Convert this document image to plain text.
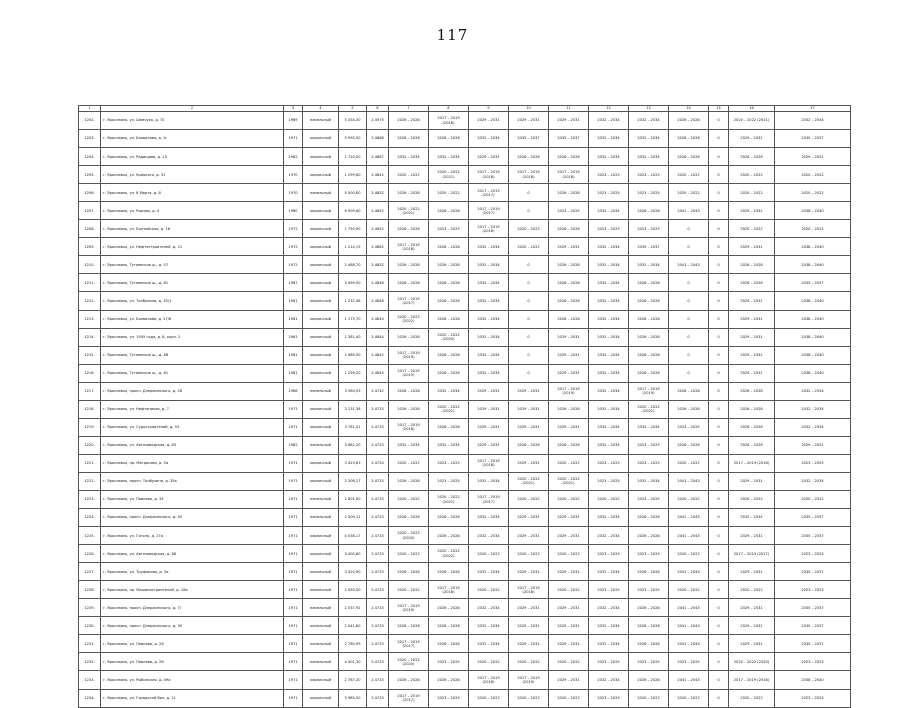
117
1	2	3	4	5	6	7	8	9	10	11	12	13	14	15	16	17

1202.	г. Ярославль, ул. Шевчука, д. 70	1969	панельный	5 334,30	2.4975	2026 – 2028	2017 – 2019 (2018)	2029 – 2031	2029 – 2031	2029 – 2031	2032 – 2034	2032 – 2034	2026 – 2028	0	2020 – 2022 (2021)	2032 – 2034

1203.	г. Ярославль, ул. Бахвалова, д. 1г	1971	кирпичный	5 990,50	2.4868	2026 – 2028	2026 – 2028	2032 – 2034	2035 – 2037	2035 – 2037	2032 – 2034	2032 – 2034	2026 – 2028	0	2029 – 2031	2035 – 2037

1204.	г. Ярославль, ул. Радищева, д. 13	1962	кирпичный	1 720,00	2.4867	2032 – 2034	2032 – 2034	2029 – 2031	2026 – 2028	2026 – 2028	2032 – 2034	2032 – 2034	2026 – 2028	0	2026 – 2028	2029 – 2031

1205.	г. Ярославль, ул. Урицкого, д. 52	1970	кирпичный	1 299,60	2.4842	2020 – 2022	2020 – 2022 (2021)	2017 – 2019 (2018)	2017 – 2019 (2018)	2017 – 2019 (2018)	2023 – 2025	2023 – 2025	2020 – 2022	0	2020 – 2022	2020 – 2022

1206.	г. Ярославль, ул. 8 Марта, д. 8	1970	панельный	5 000,80	2.4852	2026 – 2028	2020 – 2022	2017 – 2019 (2017)	0	2026 – 2028	2023 – 2025	2023 – 2025	2020 – 2022	0	2020 – 2022	2020 – 2022

1207.	г. Ярославль, ул. Рыкова, д. 4	1960	кирпичный	6 909,60	2.4852	2020 – 2022 (2021)	2026 – 2028	2017 – 2019 (2017)	0	2023 – 2025	2032 – 2034	2026 – 2028	2041 – 2043	0	2029 – 2031	2038 – 2040

1208.	г. Ярославль, ул. Балтийская, д. 16	1972	кирпичный	1 750,90	2.4852	2026 – 2028	2023 – 2025	2017 – 2019 (2018)	2020 – 2022	2026 – 2028	2023 – 2025	2023 – 2025	0	0	2020 – 2022	2020 – 2022

1209.	г. Ярославль, ул. Нефтестроителей, д. 21	1972	кирпичный	1 214,15	2.4862	2017 – 2019 (2018)	2026 – 2028	2032 – 2034	2020 – 2022	2029 – 2031	2032 – 2034	2035 – 2037	0	0	2029 – 2031	2038 – 2040

1210.	г. Ярославль, Тутаевское ш., д. 57	1972	кирпичный	2 488,70	2.4852	2026 – 2028	2026 – 2028	2032 – 2034	0	2026 – 2028	2032 – 2034	2032 – 2034	2041 – 2043	0	2026 – 2028	2038 – 2040

1211.	г. Ярославль, Тутаевское ш., д. 81	1967	кирпичный	3 499,50	2.4848	2026 – 2028	2026 – 2028	2032 – 2034	0	2026 – 2028	2032 – 2034	2026 – 2028	0	0	2026 – 2028	2035 – 2037

1212.	г. Ярославль, ул. Толбухина, д. 35/1	1961	кирпичный	1 232,48	2.4848	2017 – 2019 (2017)	2026 – 2028	2032 – 2034	0	2026 – 2028	2032 – 2034	2026 – 2028	0	0	2029 – 2031	2038 – 2040

1213.	г. Ярославль, ул. Бахвалова, д. 27/6	1961	кирпичный	1 175,70	2.4844	2020 – 2022 (2022)	2026 – 2028	2032 – 2034	0	2026 – 2028	2032 – 2034	2026 – 2028	0	0	2029 – 2031	2038 – 2040

1214.	г. Ярославль, ул. 1905 года, д. 8, корп. 2	1961	кирпичный	1 381,40	2.4844	2026 – 2028	2020 – 2022 (2020)	2032 – 2034	0	2029 – 2031	2032 – 2034	2026 – 2028	0	0	2029 – 2031	2038 – 2040

1215.	г. Ярославль, Тутаевское ш., д. 68	1961	кирпичный	1 489,50	2.4842	2017 – 2019 (2019)	2026 – 2028	2032 – 2034	0	2029 – 2031	2032 – 2034	2026 – 2028	0	0	2029 – 2031	2038 – 2040

1216.	г. Ярославль, Тутаевское ш., д. 61	1981	кирпичный	1 299,20	2.4844	2017 – 2019 (2019)	2026 – 2028	2032 – 2034	0	2029 – 2031	2032 – 2034	2026 – 2028	0	0	2029 – 2031	2038 – 2040

1217.	г. Ярославль, просп. Дзержинского, д. 26	1968	панельный	3 560,03	2.4742	2026 – 2028	2032 – 2034	2029 – 2031	2029 – 2031	2017 – 2019 (2019)	2032 – 2034	2017 – 2019 (2019)	2026 – 2028	0	2026 – 2028	2032 – 2034

1218.	г. Ярославль, ул. Нефтяников, д. 7	1971	кирпичный	3 131,38	2.4725	2026 – 2028	2020 – 2022 (2022)	2029 – 2031	2029 – 2031	2026 – 2028	2032 – 2034	2020 – 2022 (2022)	2026 – 2028	0	2026 – 2028	2032 – 2034

1219.	г. Ярославль, ул. Судостроителей, д. 33	1971	кирпичный	3 781,01	2.4725	2017 – 2019 (2018)	2026 – 2028	2029 – 2031	2029 – 2031	2029 – 2031	2032 – 2034	2032 – 2034	2023 – 2025	0	2026 – 2028	2032 – 2034

1220.	г. Ярославль, ул. Автозаводская, д. 83	1982	панельный	3 661,20	2.4725	2032 – 2034	2032 – 2034	2029 – 2031	2026 – 2028	2026 – 2028	2032 – 2034	2023 – 2025	2026 – 2028	0	2026 – 2028	2029 – 2031

1221.	г. Ярославль, пр. Матросова, д. 5а	1971	кирпичный	3 423,63	2.4724	2020 – 2022	2023 – 2025	2017 – 2019 (2018)	2029 – 2031	2020 – 2022	2023 – 2025	2023 – 2025	2020 – 2022	0	2017 – 2019 (2018)	2023 – 2025

1222.	г. Ярославль, просп. Толбухина, д. 35а	1971	кирпичный	2 308,17	2.4725	2026 – 2028	2023 – 2025	2032 – 2034	2020 – 2022 (2021)	2020 – 2022 (2021)	2023 – 2025	2032 – 2034	2041 – 2043	0	2029 – 2031	2032 – 2034

1223.	г. Ярославль, ул. Павлова, д. 34	1971	панельный	2 801,00	2.4725	2020 – 2022	2020 – 2022 (2021)	2017 – 2019 (2017)	2020 – 2022	2020 – 2022	2020 – 2022	2023 – 2025	2020 – 2022	0	2020 – 2022	2020 – 2022

1224.	г. Ярославль, просп. Дзержинского, д. 45	1971	панельный	2 009,11	2.4725	2026 – 2028	2026 – 2028	2032 – 2034	2029 – 2031	2029 – 2031	2032 – 2034	2026 – 2028	2041 – 2043	0	2032 – 2034	2035 – 2037

1225.	г. Ярославль, ул. Гоголя, д. 17а	1971	кирпичный	4 538,17	2.4725	2020 – 2022 (2020)	2026 – 2028	2032 – 2034	2029 – 2031	2029 – 2031	2032 – 2034	2026 – 2028	2041 – 2043	0	2029 – 2031	2035 – 2037

1226.	г. Ярославль, ул. Автозаводская, д. 88	1971	кирпичный	3 400,80	2.4725	2020 – 2022	2020 – 2022 (2022)	2020 – 2022	2020 – 2022	2020 – 2022	2023 – 2025	2023 – 2025	2020 – 2022	0	2017 – 2019 (2017)	2023 – 2025

1227.	г. Ярославль, ул. Труфанова, д. 5а	1971	кирпичный	3 420,90	2.4725	2026 – 2028	2026 – 2028	2032 – 2034	2029 – 2031	2029 – 2031	2032 – 2034	2026 – 2028	2041 – 2043	0	2029 – 2031	2035 – 2037

1228.	г. Ярославль, пр. Машиностроителей, д. 18а	1971	кирпичный	2 450,50	2.4725	2020 – 2022	2017 – 2019 (2018)	2020 – 2022	2017 – 2019 (2018)	2020 – 2022	2023 – 2025	2023 – 2025	2020 – 2022	0	2020 – 2022	2023 – 2025

1229.	г. Ярославль, просп. Дзержинского, д. 7/	1971	панельный	2 537,92	2.4725	2017 – 2019 (2019)	2026 – 2028	2032 – 2034	2029 – 2031	2029 – 2031	2032 – 2034	2026 – 2028	2041 – 2043	0	2029 – 2031	2035 – 2037

1230.	г. Ярославль, просп. Дзержинского, д. 39	1971	панельный	2 041,80	2.4725	2026 – 2028	2026 – 2028	2032 – 2034	2029 – 2031	2029 – 2031	2032 – 2034	2026 – 2028	2041 – 2043	0	2029 – 2031	2035 – 2037

1231.	г. Ярославль, ул. Павлова, д. 26	1971	панельный	2 780,99	2.4725	2017 – 2019 (2017)	2026 – 2028	2032 – 2034	2029 – 2031	2029 – 2031	2032 – 2034	2026 – 2028	2041 – 2043	0	2029 – 2031	2035 – 2037

1232.	г. Ярославль, ул. Павлова, д. 28	1971	панельный	4 401,30	2.4725	2020 – 2022 (2020)	2023 – 2025	2020 – 2022	2020 – 2022	2020 – 2022	2023 – 2025	2023 – 2025	2023 – 2025	0	2020 – 2022 (2020)	2023 – 2025

1233.	г. Ярославль, ул. Рыбинская, д. 49а	1971	кирпичный	2 787,20	2.4725	2026 – 2028	2026 – 2028	2017 – 2019 (2018)	2017 – 2019 (2019)	2029 – 2031	2032 – 2034	2026 – 2028	2041 – 2043	0	2017 – 2019 (2018)	2038 – 2040

1234.	г. Ярославль, ул. Городской Вал, д. 11	1971	кирпичный	5 985,50	2.4725	2017 – 2019 (2017)	2023 – 2025	2020 – 2022	2020 – 2022	2020 – 2022	2023 – 2025	2020 – 2022	2020 – 2022	0	2020 – 2022	2023 – 2025
